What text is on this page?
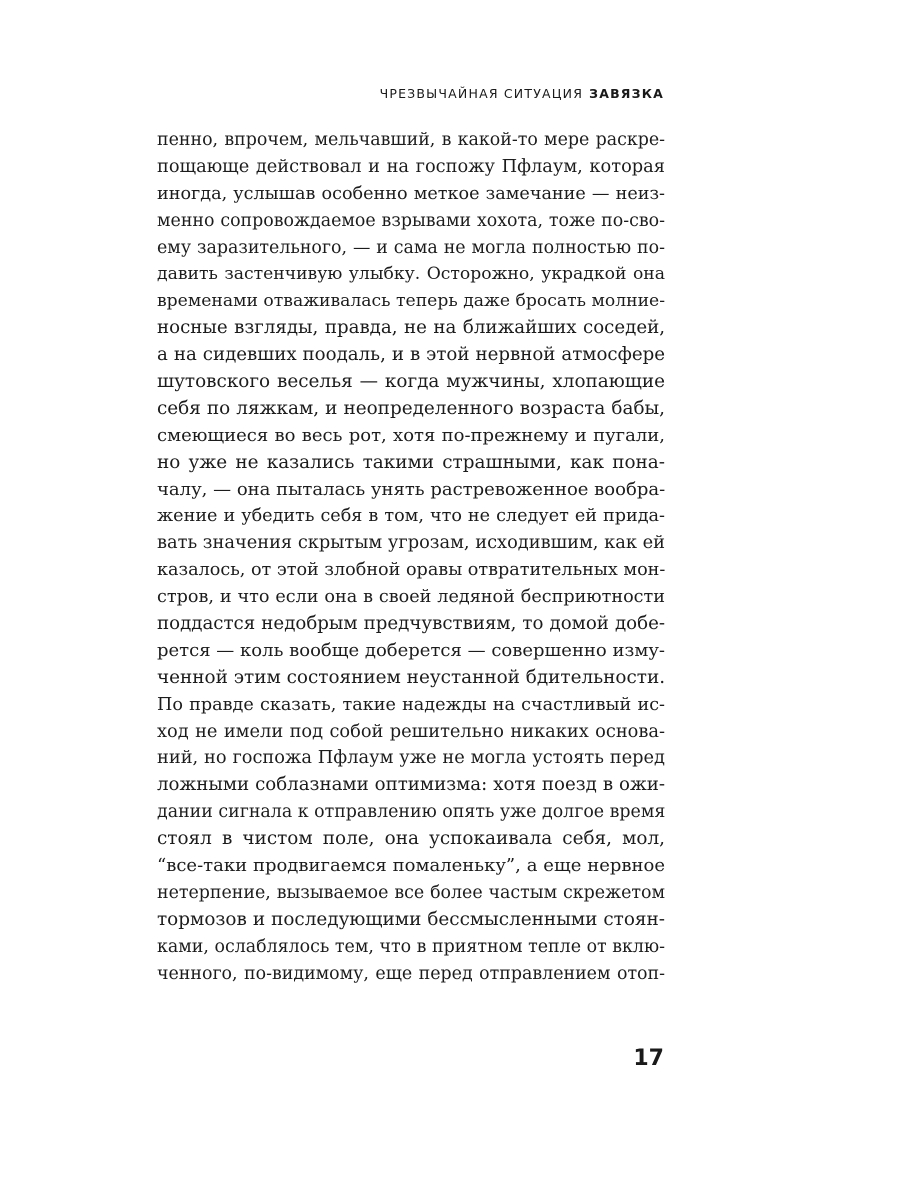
ЧРЕЗВЫЧАЙНАЯ СИТУАЦИЯ ЗАВЯЗКА
пенно, впрочем, мельчавший, в какой-то мере раскре-
пощающе действовал и на госпожу Пфлаум, которая
иногда, услышав особенно меткое замечание — неиз-
менно сопровождаемое взрывами хохота, тоже по-сво-
ему заразительного, — и сама не могла полностью по-
давить застенчивую улыбку. Осторожно, украдкой она
временами отваживалась теперь даже бросать молние-
носные взгляды, правда, не на ближайших соседей,
а на сидевших поодаль, и в этой нервной атмосфере
шутовского веселья — когда мужчины, хлопающие
себя по ляжкам, и неопределенного возраста бабы,
смеющиеся во весь рот, хотя по-прежнему и пугали,
но уже не казались такими страшными, как пона-
чалу, — она пыталась унять растревоженное вообра-
жение и убедить себя в том, что не следует ей прида-
вать значения скрытым угрозам, исходившим, как ей
казалось, от этой злобной оравы отвратительных мон-
стров, и что если она в своей ледяной бесприютности
поддастся недобрым предчувствиям, то домой добе-
рется — коль вообще доберется — совершенно изму-
ченной этим состоянием неустанной бдительности.
По правде сказать, такие надежды на счастливый ис-
ход не имели под собой решительно никаких основа-
ний, но госпожа Пфлаум уже не могла устоять перед
ложными соблазнами оптимизма: хотя поезд в ожи-
дании сигнала к отправлению опять уже долгое время
стоял в чистом поле, она успокаивала себя, мол,
“все-таки продвигаемся помаленьку”, а еще нервное
нетерпение, вызываемое все более частым скрежетом
тормозов и последующими бессмысленными стоян-
ками, ослаблялось тем, что в приятном тепле от вклю-
ченного, по-видимому, еще перед отправлением отоп-
17
